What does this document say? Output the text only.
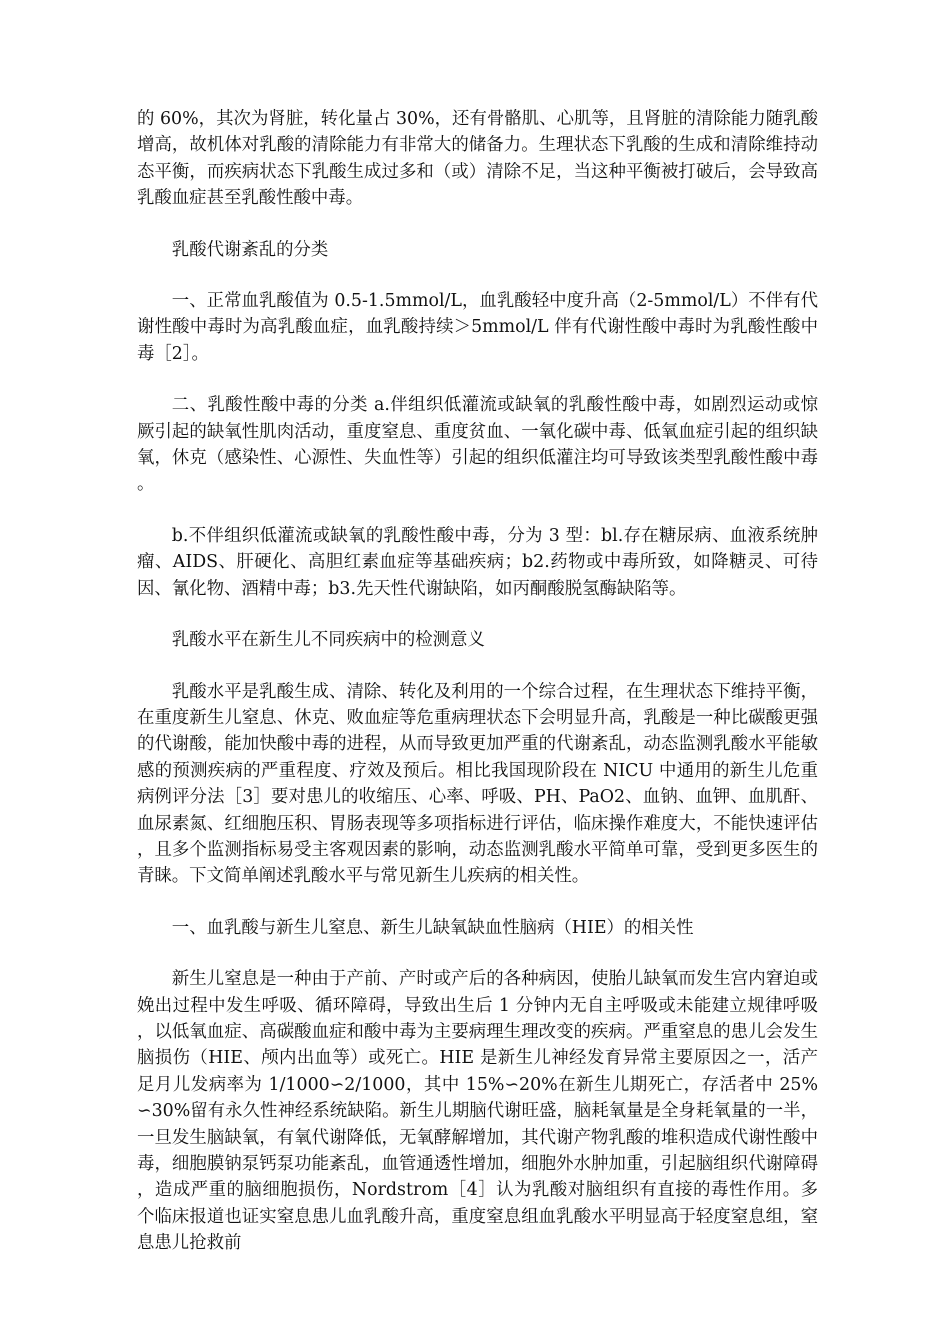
的 60%，其次为肾脏，转化量占 30%，还有骨骼肌、心肌等，且肾脏的清除能力随乳酸增高，故机体对乳酸的清除能力有非常大的储备力。生理状态下乳酸的生成和清除维持动态平衡，而疾病状态下乳酸生成过多和（或）清除不足，当这种平衡被打破后，会导致高乳酸血症甚至乳酸性酸中毒。

乳酸代谢紊乱的分类

一、正常血乳酸值为 0.5-1.5mmol/L，血乳酸轻中度升高（2-5mmol/L）不伴有代谢性酸中毒时为高乳酸血症，血乳酸持续＞5mmol/L 伴有代谢性酸中毒时为乳酸性酸中毒［2］。

二、乳酸性酸中毒的分类 a.伴组织低灌流或缺氧的乳酸性酸中毒，如剧烈运动或惊厥引起的缺氧性肌肉活动，重度窒息、重度贫血、一氧化碳中毒、低氧血症引起的组织缺氧，休克（感染性、心源性、失血性等）引起的组织低灌注均可导致该类型乳酸性酸中毒。

b.不伴组织低灌流或缺氧的乳酸性酸中毒，分为 3 型：bl.存在糖尿病、血液系统肿瘤、AIDS、肝硬化、高胆红素血症等基础疾病；b2.药物或中毒所致，如降糖灵、可待因、氰化物、酒精中毒；b3.先天性代谢缺陷，如丙酮酸脱氢酶缺陷等。

乳酸水平在新生儿不同疾病中的检测意义

乳酸水平是乳酸生成、清除、转化及利用的一个综合过程，在生理状态下维持平衡，在重度新生儿窒息、休克、败血症等危重病理状态下会明显升高，乳酸是一种比碳酸更强的代谢酸，能加快酸中毒的进程，从而导致更加严重的代谢紊乱，动态监测乳酸水平能敏感的预测疾病的严重程度、疗效及预后。相比我国现阶段在 NICU 中通用的新生儿危重病例评分法［3］要对患儿的收缩压、心率、呼吸、PH、PaO2、血钠、血钾、血肌酐、血尿素氮、红细胞压积、胃肠表现等多项指标进行评估，临床操作难度大，不能快速评估，且多个监测指标易受主客观因素的影响，动态监测乳酸水平简单可靠，受到更多医生的青睐。下文简单阐述乳酸水平与常见新生儿疾病的相关性。

一、血乳酸与新生儿窒息、新生儿缺氧缺血性脑病（HIE）的相关性

新生儿窒息是一种由于产前、产时或产后的各种病因，使胎儿缺氧而发生宫内窘迫或娩出过程中发生呼吸、循环障碍，导致出生后 1 分钟内无自主呼吸或未能建立规律呼吸，以低氧血症、高碳酸血症和酸中毒为主要病理生理改变的疾病。严重窒息的患儿会发生脑损伤（HIE、颅内出血等）或死亡。HIE 是新生儿神经发育异常主要原因之一，活产足月儿发病率为 1/1000∽2/1000，其中 15%∽20%在新生儿期死亡，存活者中 25%∽30%留有永久性神经系统缺陷。新生儿期脑代谢旺盛，脑耗氧量是全身耗氧量的一半，一旦发生脑缺氧，有氧代谢降低，无氧酵解增加，其代谢产物乳酸的堆积造成代谢性酸中毒，细胞膜钠泵钙泵功能紊乱，血管通透性增加，细胞外水肿加重，引起脑组织代谢障碍，造成严重的脑细胞损伤，Nordstrom［4］认为乳酸对脑组织有直接的毒性作用。多个临床报道也证实窒息患儿血乳酸升高，重度窒息组血乳酸水平明显高于轻度窒息组，窒息患儿抢救前
